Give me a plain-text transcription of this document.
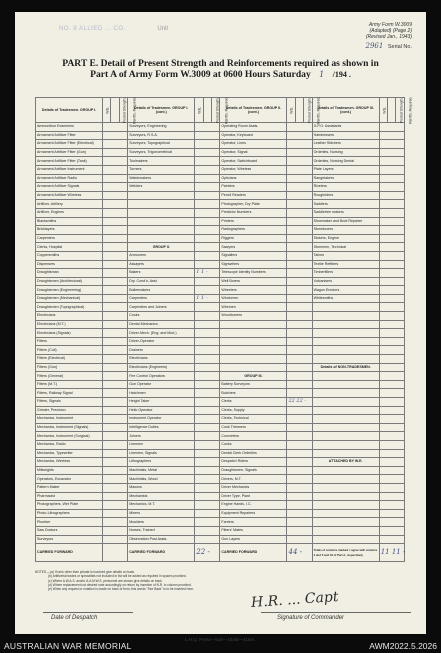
NO. 8 ALLIED ... CO.	Unit
Army Form W.3009
(Adapted) (Page 2)
(Revised Jan., 1943)
2961 Serial No.
PART E. Detail of Present Strength and Reinforcements required as shown in
Part A of Army Form W.3009 at 0600 Hours Saturday 1 /194 .
Details of Tradesmen. GROUP I.	W.E.	Posted Strength.	Reinfts. Required.	Details of Tradesmen. GROUP I. (cont.)	W.E.	Posted Strength.	Reinfts. Required.	Details of Tradesmen. GROUP II. (cont.)	W.E.	Posted Strength.	Reinfts. Required.	Details of Tradesmen. GROUP III. (cont.)	W.E.	Posted Strength.	Reinfts. Required.
Ammunition Examiners				Surveyors, Engineering				Operating Room Assts.				G.P.O. Assistants			
Armament Artificer Fitter				Surveyors, R.S.A.				Operator, Keyboard				Hairdressers			
Armament Artificer Fitter (Electrical)				Surveyors, Topographical				Operator, Lines				Leather Stitchers			
Armament Artificer Fitter (Gun)				Surveyors, Trigonometrical				Operator, Signal				Orderlies, Nursing			
Armament Artificer Fitter (Tank)				Toolmakers				Operator, Switchboard				Orderlies, Nursing Dental			
Armament Artificer Instrument				Turners				Operator, Wireless				Plate Layers			
Armament Artificer Radio				Watchmakers				Opticians				Rangetakers			
Armament Artificer Signals				Welders				Painters				Riveters			
Armament Artificer Wireless								Pencil Readers				Roughriders			
Artificer, Artillery								Photographer, Dry Plate				Saddlers			
Artificer, Engines								Predictor Numbers				Saddletree makers			
Blacksmiths								Printers				Shoemaker and Boot Repairer			
Bricklayers								Radiographers				Storedoxers			
Carpenters								Riggers				Stokers, Engine			
Clerks, Hospital				GROUP II.				Sawyers				Storemen, Technical			
Coppersmiths				Armourers				Signallers				Tailors			
Dispensers				Assayers				Signwriters				Textile Refitters			
Draughtsman				Bakers	1 1 -			Telescope Identity Numbers				Timberfillers			
Draughtsmen (Architectural)				Dry. Cond'n, Asst.				Well Borers				Vulcanisers			
Draughtsmen (Engineering)				Bullermakers				Wheelers				Wagon Erectors			
Draughtsmen (Mechanical)				Carpenters	1 1 -			Winchmen				Whitesmiths			
Draughtsmen (Topographical)				Carpenters and Joiners				Wiremen							
Electricians				Cooks				Woodturners							
Electricians (M.T.)				Dental Mechanics											
Electricians (Signals)				Driver-Mech. (Eng. and Mod.)											
Fitters				Driver-Operator											
Fitters (Coil)				Drainers											
Fitters (Electrical)				Electricians											
Fitters (Gun)				Electricians (Engineers)								Details of NON-TRADESMEN.			
Fitters (General)				Fire Control Operators				GROUP III.							
Fitters (M.T.)				Gun Operator				Battery Surveyors							
Fitters, Railway Signal				Hatchmen				Butchers							
Fitters, Signals				Height Taker				Clerks	22 22 -						
Grinder, Precision				Hello Operator				Clerks, Supply							
Mechanics, Instrument				Instrument Operator				Clerks, Technical							
Mechanics, Instrument (Signals)				Intelligence Duties				Cook Trimmers							
Mechanics, Instrument (Surgical)				Joiners				Concreters							
Mechanics, Radio				Linemen				Cooks							
Mechanics, Typewriter				Linemen, Signals				Dental Clerk Orderlies							
Mechanics, Wireless				Lithographers				Despatch Riders				ATTACHED BY W.E.			
Millwrights				Machinists, Metal				Draughtsmen, Signals							
Operators, Excavator				Machinists, Wood				Drivers, M.T.							
Pattern Maker				Masons				Driver Mechanics							
Pharmacist				Mechanists				Driver Type, Plant							
Photographers, Wet Plate				Mechanics, M.T.				Engine Hands, I.C.							
Photo-Lithographers				Miners				Equipment Repairers							
Plumber				Moulders				Farriers							
Saw Doctors				Nurses, Trained				Fitters' Mates							
Surveyors				Observation Post Assts.				Gun Layers							
CARRIED FORWARD				CARRIED FORWARD	22 -			CARRIED FORWARD	44 -			Totals of columns marked × agree with columns 4 and 5 and 16 of Part A, respectively	11 11 -		
NOTES.—(a) If rank other than private is involved give details on back.
(b) Artificerial trades or specialists not included in list will be added as required in spaces provided.
(c) Where A.W.A.S. and/or A.A.M.W.S. personnel are shown give details on back.
(d) Where replacement not desired note accordingly on return by insertion of N.R. in column provided.
(e) When any request or notation is made on back of form, this words "See Back" is to be inserted here.	H.R. ... Capt
Date of Despatch	Signature of Commander
L.H.Q. Press—516—10/45—416m.
AUSTRALIAN WAR MEMORIAL	AWM2022.5.2026
